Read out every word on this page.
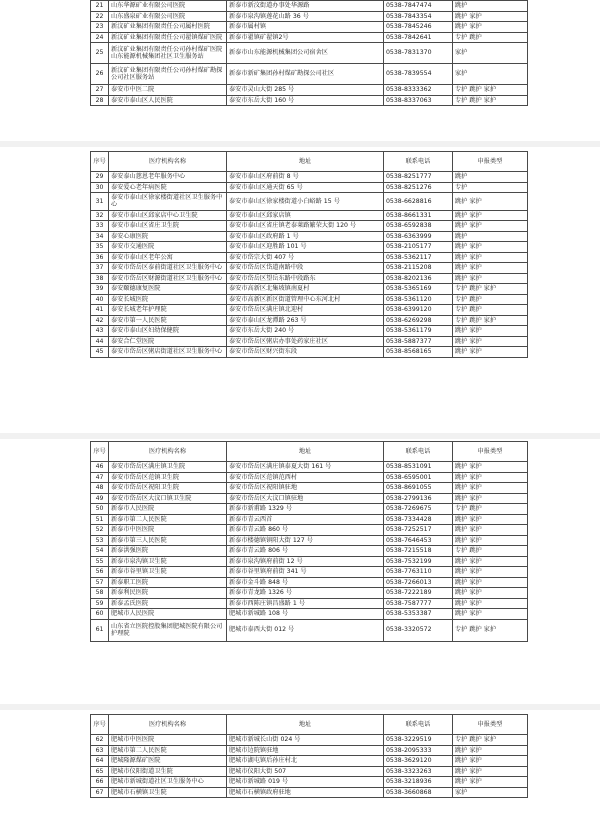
21	山东华源矿业有限公司医院	新泰市新汶街道办事处华源路	0538-7847474	跳护
22	山东盛泉矿业有限公司医院	新泰市泉沟镇莲花山路 36 号	0538-7843354	跳护 家护
23	新汶矿业集团有限责任公司属村医院	新泰市属村镇	0538-7845246	跳护 家护
24	新汶矿业集团有限责任公司翟镇煤矿医院	新泰市翟镇矿翟镇2号	0538-7842641	专护 跳护
25	新汶矿业集团有限责任公司孙村煤矿医院山东能源机械集团社区卫生服务站	新泰市山东能源机械集团公司宿舍区	0538-7831370	家护
26	新汶矿业集团有限责任公司孙村煤矿勘探公司社区服务站	新泰市新矿集团孙村煤矿勘探公司社区	0538-7839554	家护
27	泰安市中医二院	泰安市灵山大街 285 号	0538-8333362	专护 跳护 家护
28	泰安市泰山区人民医院	泰安市东岳大街 160 号	0538-8337063	专护 跳护 家护
序号	医疗机构名称	地址	联系电话	申报类型
29	泰安泰山慈恩老年服务中心	泰安市泰山区府前街 8 号	0538-8251777	跳护
30	泰安爱心老年病医院	泰安市泰山区通天街 65 号	0538-8251276	专护
31	泰安市泰山区徐家楼街道社区卫生服务中心	泰安市泰山区徐家楼街道小白峪路 15 号	0538-6628816	跳护 家护
32	泰安市泰山区邱家店中心卫生院	泰安市泰山区邱家店镇	0538-8661331	跳护 家护
33	泰安市泰山区省庄卫生院	泰安市泰山区省庄镇老泰莱路繁荣大街 120 号	0538-6592838	跳护 家护
34	泰安心康医院	泰安市泰山区政府路 1 号	0538-6363999	跳护
35	泰安市交通医院	泰安市泰山区迎胜路 101 号	0538-2105177	跳护 家护
36	泰安市泰山区老年公寓	泰安市岱宗大街 407 号	0538-5362117	跳护 家护
37	泰安市岱岳区泰前街道社区卫生服务中心	泰安市岱岳区岱道南路中段	0538-2115208	跳护 家护
38	泰安市岱岳区财源街道社区卫生服务中心	泰安市岱岳区望岳东路中段路东	0538-8202136	跳护 家护
39	泰安颐德康复医院	泰安市高新区北集坡镇南夏村	0538-5365169	专护 跳护 家护
40	泰安长城医院	泰安市高新区新区街道管理中心东河北村	0538-5361120	专护 跳护
41	泰安长城老年护理院	泰安市岱岳区满庄镇北迎村	0538-6399120	专护 跳护
42	泰安市第一人民医院	泰安市泰山区龙潭路 263 号	0538-6269298	专护 跳护 家护
43	泰安市泰山区妇幼保健院	泰安市东岳大街 240 号	0538-5361179	跳护 家护
44	泰安合仁堂医院	泰安市岱岳区粥店办事处药家庄社区	0538-5887377	跳护 家护
45	泰安市岱岳区粥店街道社区卫生服务中心	泰安市岱岳区财兴街东段	0538-8568165	跳护 家护
序号	医疗机构名称	地址	联系电话	申报类型
46	泰安市岱岳区满庄镇卫生院	泰安市岱岳区满庄镇泰夏大街 161 号	0538-8531091	跳护 家护
47	泰安市岱岳区范镇卫生院	泰安市岱岳区范镇范西村	0538-6595001	跳护 家护
48	泰安市岱岳区祝阳卫生院	泰安市岱岳区祝阳镇驻地	0538-8691055	跳护 家护
49	泰安市岱岳区大汶口镇卫生院	泰安市岱岳区大汶口镇驻地	0538-2799136	跳护 家护
50	新泰市人民医院	新泰市新甫路 1329 号	0538-7269675	专护 跳护
51	新泰市第二人民医院	新泰市青云西首	0538-7334428	跳护 家护
52	新泰市中医医院	新泰市青云路 860 号	0538-7252517	跳护 家护
53	新泰市第三人民医院	新泰市楼德镇镇阳大街 127 号	0538-7646453	跳护 家护
54	新泰洪强医院	新泰市青云路 806 号	0538-7215518	专护 跳护
55	新泰市泉沟镇卫生院	新泰市泉沟镇府前街 12 号	0538-7532199	跳护 家护
56	新泰市谷里镇卫生院	新泰市谷里镇府前街 341 号	0538-7763110	跳护 家护
57	新泰职工医院	新泰市金斗路 848 号	0538-7266013	跳护 家护
58	新泰利民医院	新泰市青龙路 1326 号	0538-7222189	跳护 家护
59	新泰孟氏医院	新泰市西陈庄镇昌盛路 1 号	0538-7587777	跳护 家护
60	肥城市人民医院	肥城市新城路 108 号	0538-5353387	跳护 家护
61	山东省立医院控股集团肥城医院有限公司护理院	肥城市泰西大街 012 号	0538-3320572	专护 跳护 家护
序号	医疗机构名称	地址	联系电话	申报类型
62	肥城市中医医院	肥城市新城长山街 024 号	0538-3229519	专护 跳护 家护
63	肥城市第二人民医院	肥城市边院镇驻地	0538-2095333	跳护 家护
64	肥城隆源煤矿医院	肥城市湖屯镇后孙庄村北	0538-3629120	跳护 家护
65	肥城市仪阳街道卫生院	肥城市仪阳大街 507	0538-3323263	跳护 家护
66	肥城市新城街道社区卫生服务中心	肥城市新城路 019 号	0538-3218936	跳护 家护
67	肥城市石横镇卫生院	肥城市石横镇政府驻地	0538-3660868	家护
